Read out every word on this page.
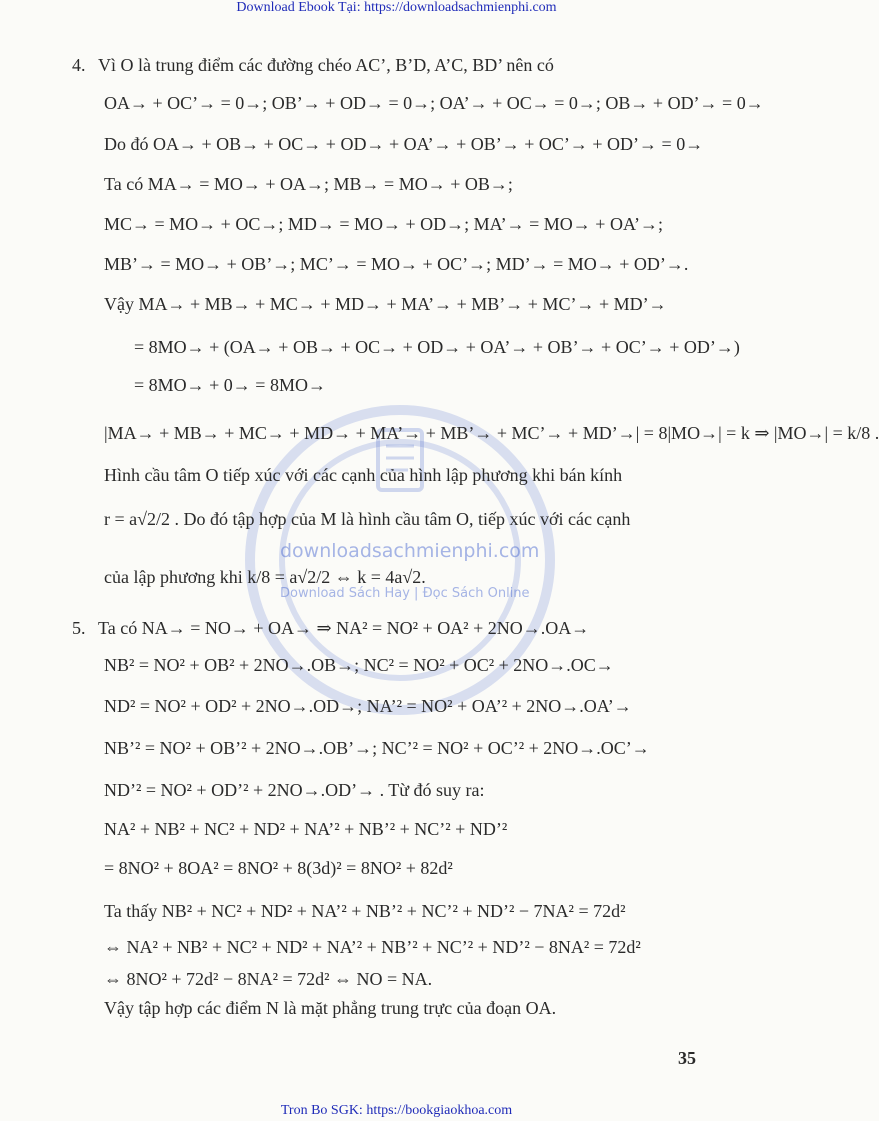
Download Ebook Tại: https://downloadsachmienphi.com
downloadsachmienphi.com
Download Sách Hay | Đọc Sách Online
4. Vì O là trung điểm các đường chéo AC’, B’D, A’C, BD’ nên có
OA→ + OC’→ = 0→; OB’→ + OD→ = 0→; OA’→ + OC→ = 0→; OB→ + OD’→ = 0→
Do đó OA→ + OB→ + OC→ + OD→ + OA’→ + OB’→ + OC’→ + OD’→ = 0→
Ta có MA→ = MO→ + OA→; MB→ = MO→ + OB→;
MC→ = MO→ + OC→; MD→ = MO→ + OD→; MA’→ = MO→ + OA’→;
MB’→ = MO→ + OB’→; MC’→ = MO→ + OC’→; MD’→ = MO→ + OD’→.
Vậy MA→ + MB→ + MC→ + MD→ + MA’→ + MB’→ + MC’→ + MD’→
= 8MO→ + (OA→ + OB→ + OC→ + OD→ + OA’→ + OB’→ + OC’→ + OD’→)
= 8MO→ + 0→ = 8MO→
|MA→ + MB→ + MC→ + MD→ + MA’→ + MB’→ + MC’→ + MD’→| = 8|MO→| = k ⇒ |MO→| = k/8 .
Hình cầu tâm O tiếp xúc với các cạnh của hình lập phương khi bán kính
r = a√2/2 . Do đó tập hợp của M là hình cầu tâm O, tiếp xúc với các cạnh
của lập phương khi k/8 = a√2/2 ⇔ k = 4a√2.
5. Ta có NA→ = NO→ + OA→ ⇒ NA² = NO² + OA² + 2NO→.OA→
NB² = NO² + OB² + 2NO→.OB→; NC² = NO² + OC² + 2NO→.OC→
ND² = NO² + OD² + 2NO→.OD→; NA’² = NO² + OA’² + 2NO→.OA’→
NB’² = NO² + OB’² + 2NO→.OB’→; NC’² = NO² + OC’² + 2NO→.OC’→
ND’² = NO² + OD’² + 2NO→.OD’→ . Từ đó suy ra:
NA² + NB² + NC² + ND² + NA’² + NB’² + NC’² + ND’²
= 8NO² + 8OA² = 8NO² + 8(3d)² = 8NO² + 82d²
Ta thấy NB² + NC² + ND² + NA’² + NB’² + NC’² + ND’² − 7NA² = 72d²
⇔ NA² + NB² + NC² + ND² + NA’² + NB’² + NC’² + ND’² − 8NA² = 72d²
⇔ 8NO² + 72d² − 8NA² = 72d² ⇔ NO = NA.
Vậy tập hợp các điểm N là mặt phẳng trung trực của đoạn OA.
35
Tron Bo SGK: https://bookgiaokhoa.com
